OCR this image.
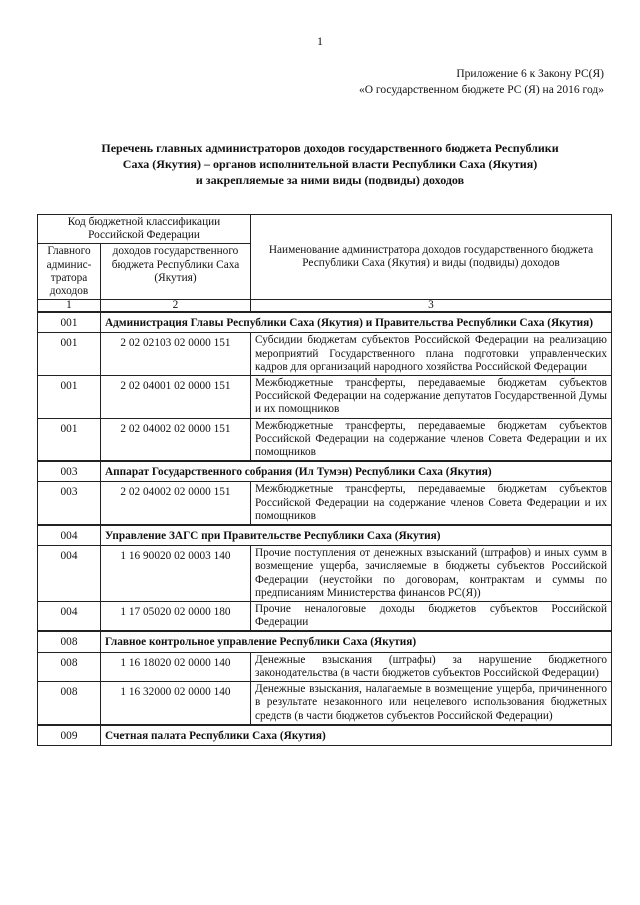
1
Приложение 6 к Закону РС(Я)
«О государственном бюджете РС (Я) на 2016 год»
Перечень главных администраторов доходов государственного бюджета Республики
Саха (Якутия) – органов исполнительной власти Республики Саха (Якутия)
и закрепляемые за ними виды (подвиды) доходов
Код бюджетной классификации Российской Федерации		Наименование администратора доходов государственного бюджета Республики Саха (Якутия) и виды (подвиды) доходов
Главного админис-тратора доходов	доходов государственного бюджета Республики Саха (Якутия)	
1	2	3
001	Администрация Главы Республики Саха (Якутия) и Правительства Республики Саха (Якутия)	
001	2 02 02103 02 0000 151	Субсидии бюджетам субъектов Российской Федерации на реализацию мероприятий Государственного плана подготовки управленческих кадров для организаций народного хозяйства Российской Федерации
001	2 02 04001 02 0000 151	Межбюджетные трансферты, передаваемые бюджетам субъектов Российской Федерации на содержание депутатов Государственной Думы и их помощников
001	2 02 04002 02 0000 151	Межбюджетные трансферты, передаваемые бюджетам субъектов Российской Федерации на содержание членов Совета Федерации и их помощников
003	Аппарат Государственного собрания (Ил Тумэн) Республики Саха (Якутия)	
003	2 02 04002 02 0000 151	Межбюджетные трансферты, передаваемые бюджетам субъектов Российской Федерации на содержание членов Совета Федерации и их помощников
004	Управление ЗАГС при Правительстве Республики Саха (Якутия)	
004	1 16 90020 02 0003 140	Прочие поступления от денежных взысканий (штрафов) и иных сумм в возмещение ущерба, зачисляемые в бюджеты субъектов Российской Федерации (неустойки по договорам, контрактам и суммы по предписаниям Министерства финансов РС(Я))
004	1 17 05020 02 0000 180	Прочие неналоговые доходы бюджетов субъектов Российской Федерации
008	Главное контрольное управление Республики Саха (Якутия)	
008	1 16 18020 02 0000 140	Денежные взыскания (штрафы) за нарушение бюджетного законодательства (в части бюджетов субъектов Российской Федерации)
008	1 16 32000 02 0000 140	Денежные взыскания, налагаемые в возмещение ущерба, причиненного в результате незаконного или нецелевого использования бюджетных средств (в части бюджетов субъектов Российской Федерации)
009	Счетная палата Республики Саха (Якутия)	
